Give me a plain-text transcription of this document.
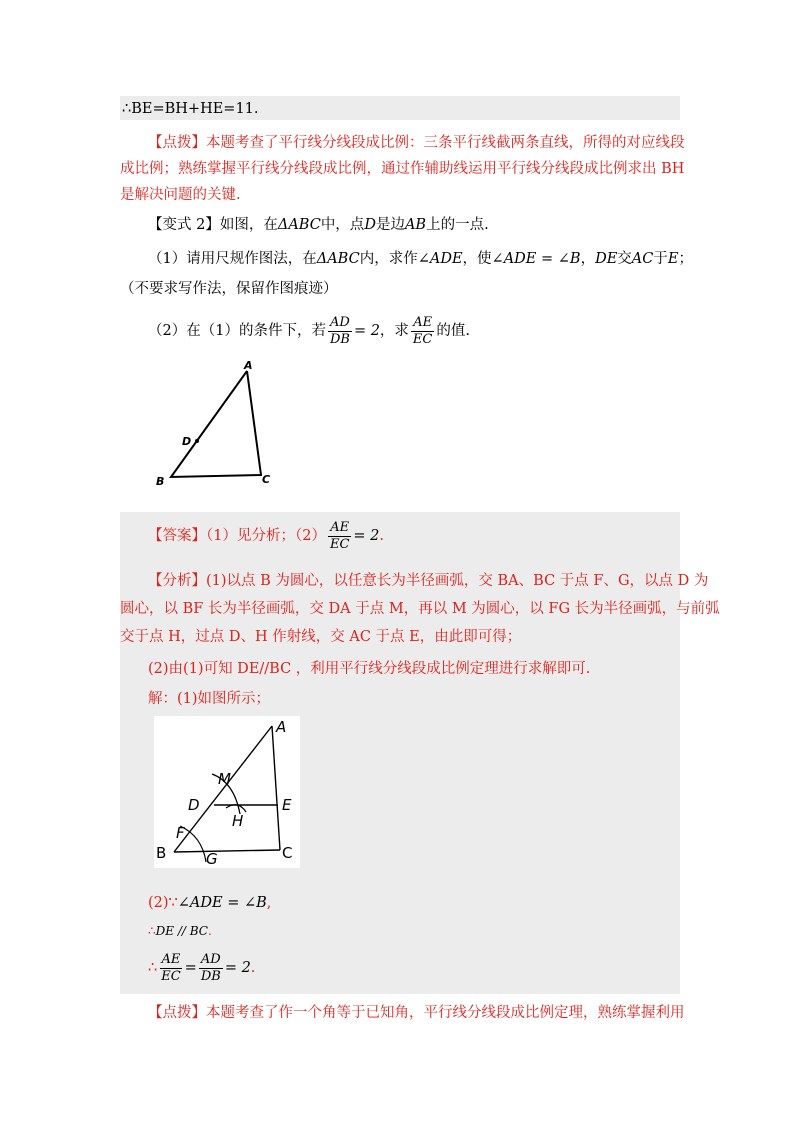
∴BE=BH+HE=11.
【点拨】本题考查了平行线分线段成比例：三条平行线截两条直线，所得的对应线段
成比例；熟练掌握平行线分线段成比例，通过作辅助线运用平行线分线段成比例求出 BH
是解决问题的关键.
【变式 2】如图，在ΔABC中，点D是边AB上的一点.
（1）请用尺规作图法，在ΔABC内，求作∠ADE，使∠ADE = ∠B，DE交AC于E；
（不要求写作法，保留作图痕迹）
（2）在（1）的条件下，若 $\frac{AD}{DB} = 2$，求 $\frac{AE}{EC}$ 的值.
A
B	C
D
【答案】（1）见分析；$(2) \frac{AE}{EC} = 2$.
【分析】(1)以点 B 为圆心，以任意长为半径画弧，交 BA、BC 于点 F、G，以点 D 为
圆心，以 BF 长为半径画弧，交 DA 于点 M，再以 M 为圆心，以 FG 长为半径画弧，与前弧
交于点 H，过点 D、H 作射线，交 AC 于点 E，由此即可得；
(2)由(1)可知 DE//BC ，利用平行线分线段成比例定理进行求解即可.
解：(1)如图所示；
A
B	C
D	E
F
G
H
M
(2)∵∠ADE = ∠B,
∴DE // BC.
∴ $\frac{AE}{EC} = \frac{AD}{DB} = 2$.
【点拨】本题考查了作一个角等于已知角，平行线分线段成比例定理，熟练掌握利用
